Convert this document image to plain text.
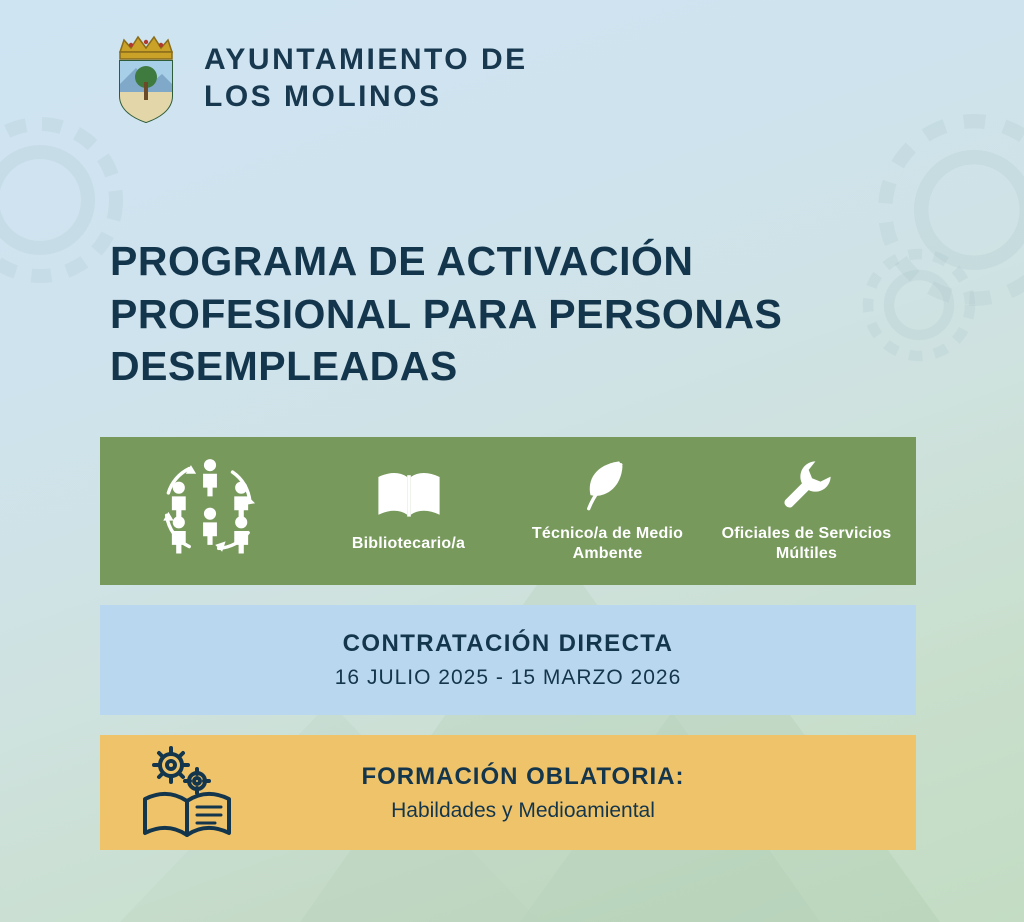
AYUNTAMIENTO DE
LOS MOLINOS
PROGRAMA DE ACTIVACIÓN PROFESIONAL PARA PERSONAS DESEMPLEADAS
Bibliotecario/a
Técnico/a de Medio Ambente
Oficiales de Servicios Múltiles
CONTRATACIÓN DIRECTA
16 JULIO 2025 - 15 MARZO 2026
FORMACIÓN OBLATORIA:
Habildades y Medioamiental
